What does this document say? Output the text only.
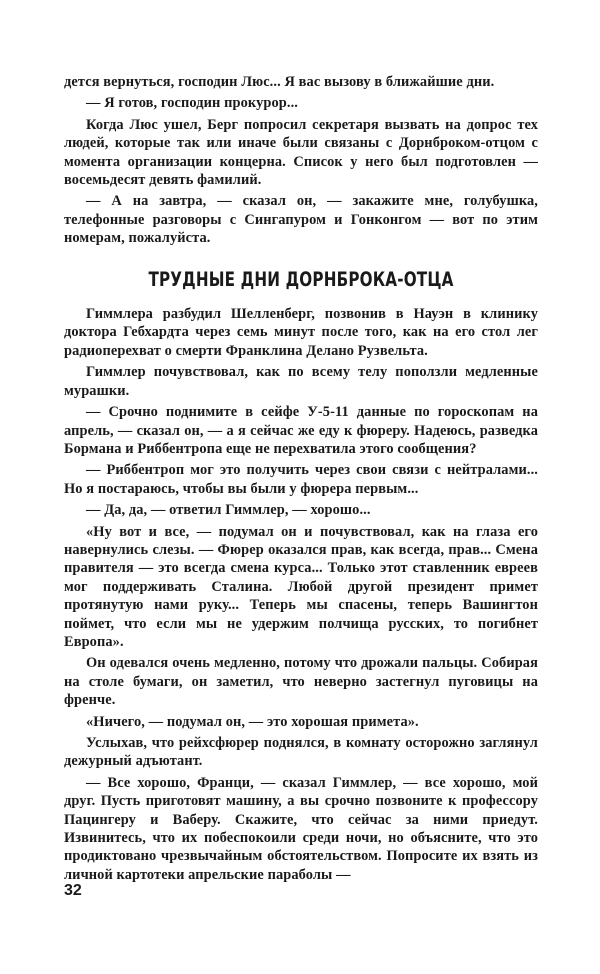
дется вернуться, господин Люс... Я вас вызову в ближайшие дни.

— Я готов, господин прокурор...

Когда Люс ушел, Берг попросил секретаря вызвать на допрос тех людей, которые так или иначе были связаны с Дорнброком-отцом с момента организации концерна. Список у него был подготовлен — восемьдесят девять фамилий.

— А на завтра, — сказал он, — закажите мне, голубушка, телефонные разговоры с Сингапуром и Гонконгом — вот по этим номерам, пожалуйста.

ТРУДНЫЕ ДНИ ДОРНБРОКА-ОТЦА

Гиммлера разбудил Шелленберг, позвонив в Науэн в клинику доктора Гебхардта через семь минут после того, как на его стол лег радиоперехват о смерти Франклина Делано Рузвельта.

Гиммлер почувствовал, как по всему телу поползли медленные мурашки.

— Срочно поднимите в сейфе У-5-11 данные по гороскопам на апрель, — сказал он, — а я сейчас же еду к фюреру. Надеюсь, разведка Бормана и Риббентропа еще не перехватила этого сообщения?

— Риббентроп мог это получить через свои связи с нейтралами... Но я постараюсь, чтобы вы были у фюрера первым...

— Да, да, — ответил Гиммлер, — хорошо...

«Ну вот и все, — подумал он и почувствовал, как на глаза его навернулись слезы. — Фюрер оказался прав, как всегда, прав... Смена правителя — это всегда смена курса... Только этот ставленник евреев мог поддерживать Сталина. Любой другой президент примет протянутую нами руку... Теперь мы спасены, теперь Вашингтон поймет, что если мы не удержим полчища русских, то погибнет Европа».

Он одевался очень медленно, потому что дрожали пальцы. Собирая на столе бумаги, он заметил, что неверно застегнул пуговицы на френче.

«Ничего, — подумал он, — это хорошая примета».

Услыхав, что рейхсфюрер поднялся, в комнату осторожно заглянул дежурный адъютант.

— Все хорошо, Франци, — сказал Гиммлер, — все хорошо, мой друг. Пусть приготовят машину, а вы срочно позвоните к профессору Пацингеру и Ваберу. Скажите, что сейчас за ними приедут. Извинитесь, что их побеспокоили среди ночи, но объясните, что это продиктовано чрезвычайным обстоятельством. Попросите их взять из личной картотеки апрельские параболы —

32
